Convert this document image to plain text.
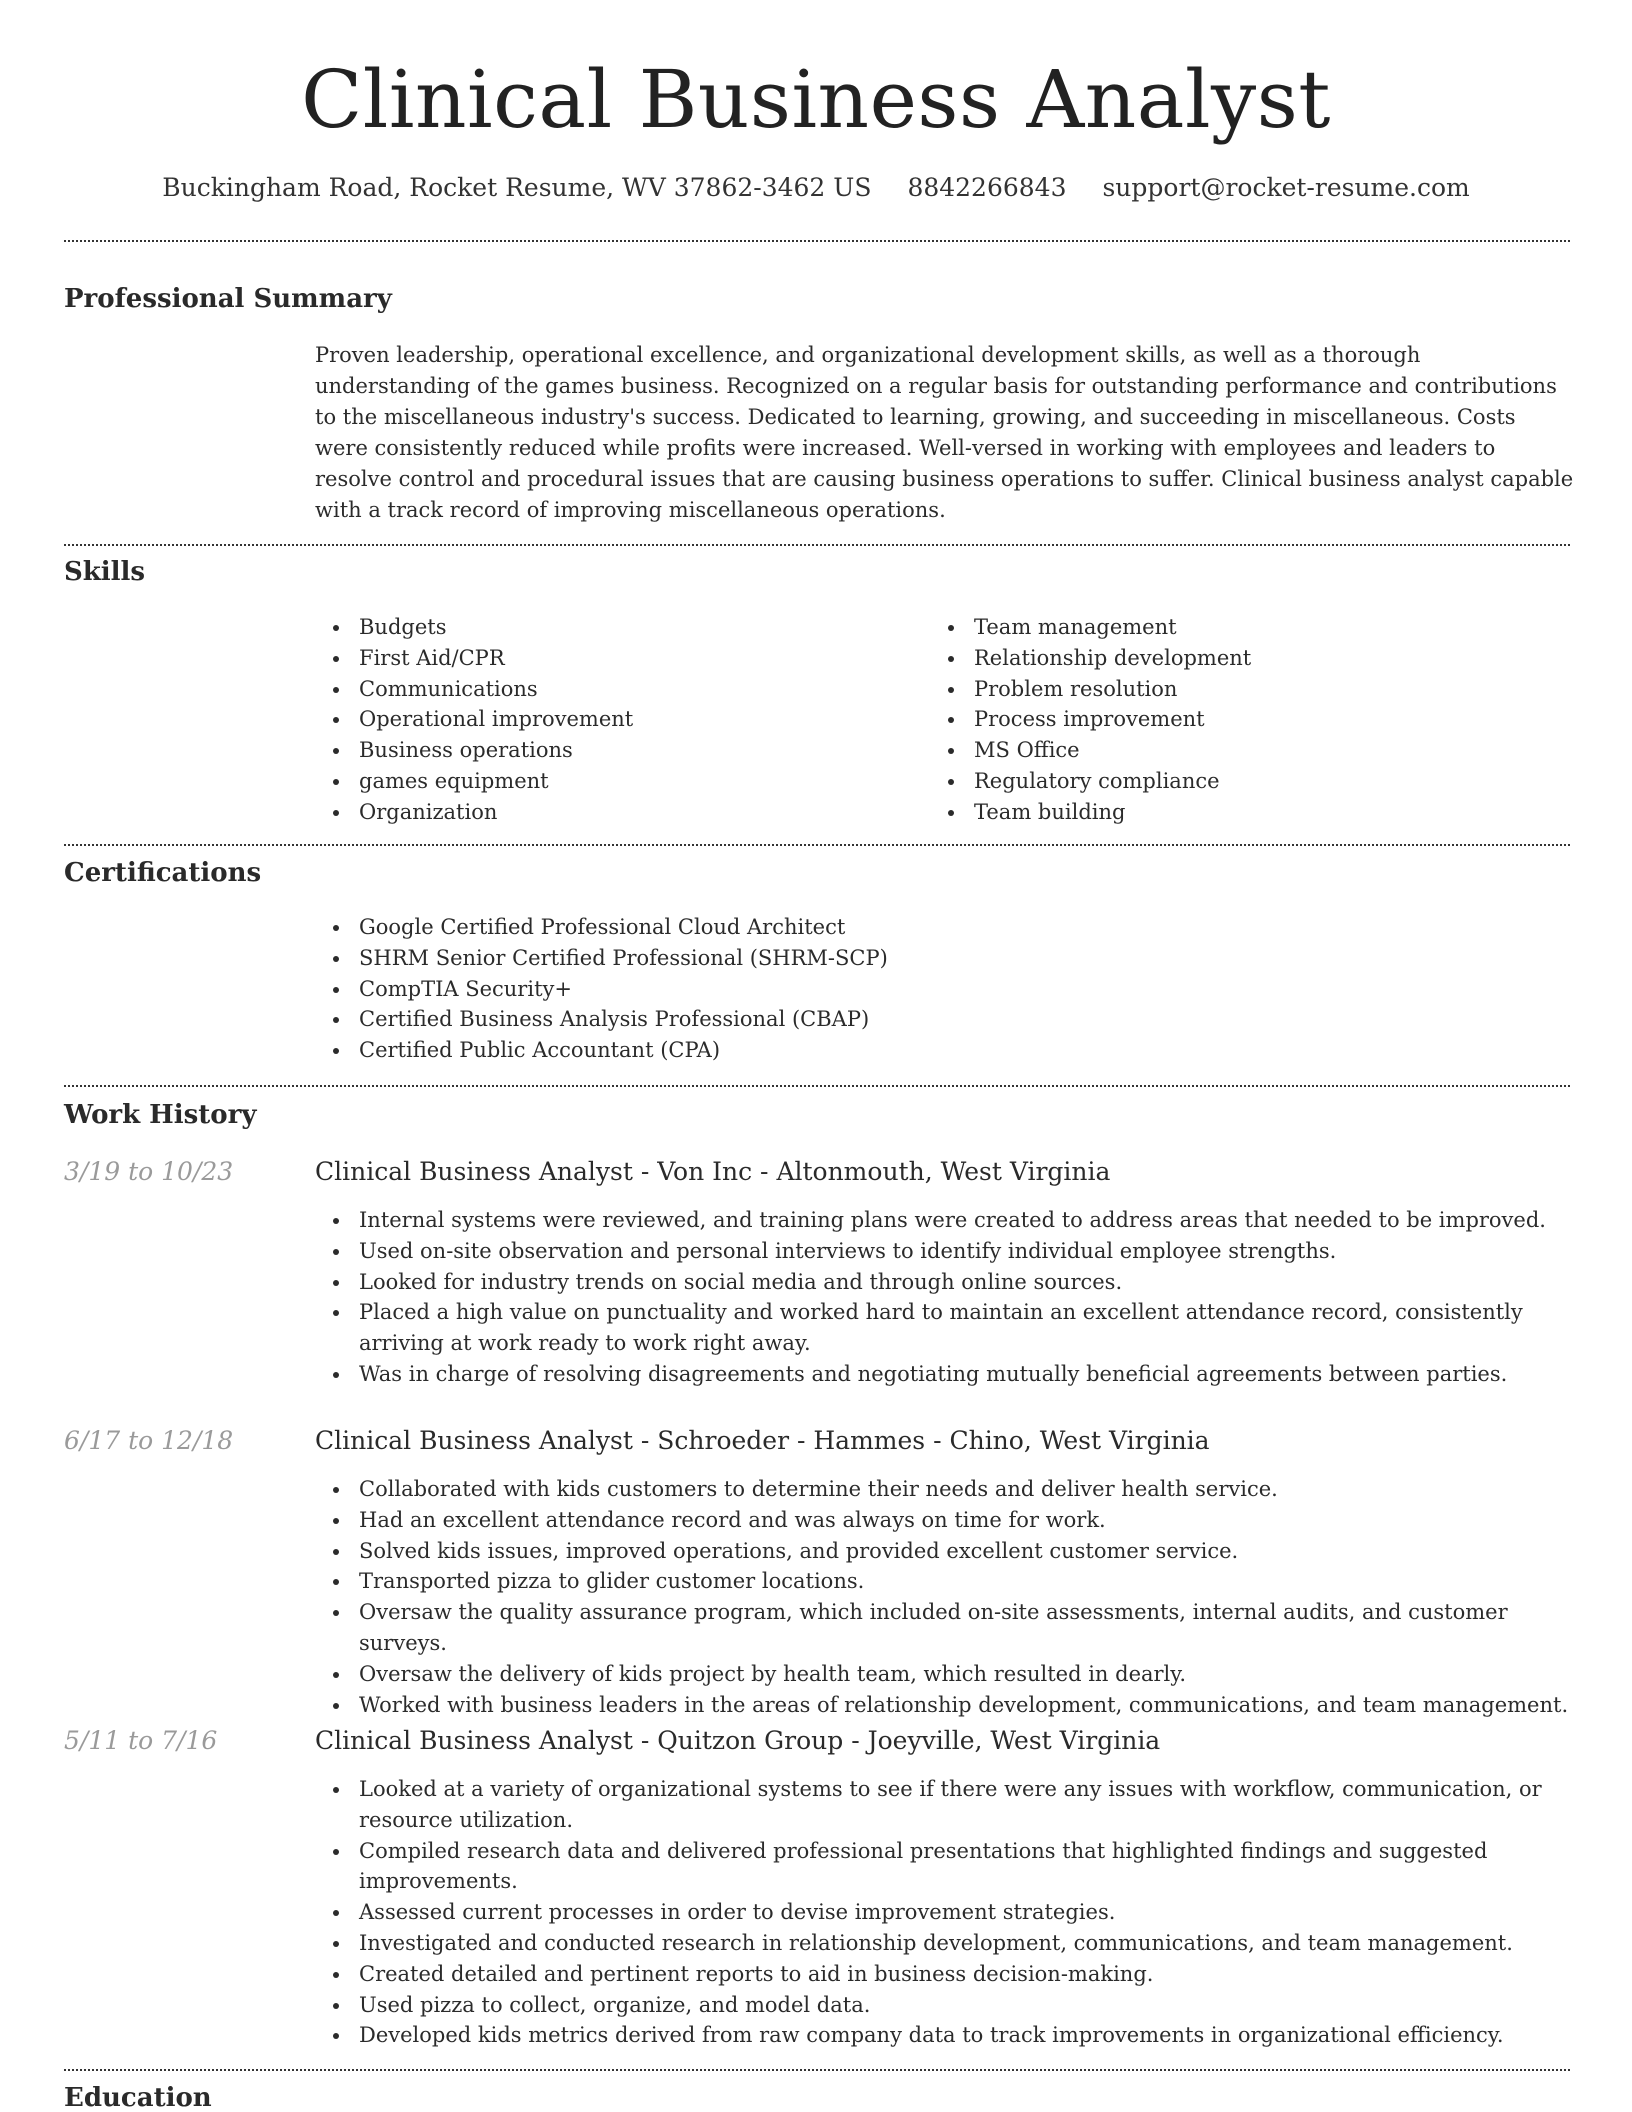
Clinical Business Analyst
Buckingham Road, Rocket Resume, WV 37862-3462 US 8842266843 support@rocket-resume.com
Professional Summary

Proven leadership, operational excellence, and organizational development skills, as well as a thorough understanding of the games business. Recognized on a regular basis for outstanding performance and contributions to the miscellaneous industry's success. Dedicated to learning, growing, and succeeding in miscellaneous. Costs were consistently reduced while profits were increased. Well-versed in working with employees and leaders to resolve control and procedural issues that are causing business operations to suffer. Clinical business analyst capable with a track record of improving miscellaneous operations.

Skills
Budgets
First Aid/CPR
Communications
Operational improvement
Business operations
games equipment
Organization
Team management
Relationship development
Problem resolution
Process improvement
MS Office
Regulatory compliance
Team building
Certifications
Google Certified Professional Cloud Architect
SHRM Senior Certified Professional (SHRM-SCP)
CompTIA Security+
Certified Business Analysis Professional (CBAP)
Certified Public Accountant (CPA)
Work History
3/19 to 10/23	Clinical Business Analyst - Von Inc - Altonmouth, West Virginia
Internal systems were reviewed, and training plans were created to address areas that needed to be improved.
Used on-site observation and personal interviews to identify individual employee strengths.
Looked for industry trends on social media and through online sources.
Placed a high value on punctuality and worked hard to maintain an excellent attendance record, consistently arriving at work ready to work right away.
Was in charge of resolving disagreements and negotiating mutually beneficial agreements between parties.
6/17 to 12/18	Clinical Business Analyst - Schroeder - Hammes - Chino, West Virginia
Collaborated with kids customers to determine their needs and deliver health service.
Had an excellent attendance record and was always on time for work.
Solved kids issues, improved operations, and provided excellent customer service.
Transported pizza to glider customer locations.
Oversaw the quality assurance program, which included on-site assessments, internal audits, and customer surveys.
Oversaw the delivery of kids project by health team, which resulted in dearly.
Worked with business leaders in the areas of relationship development, communications, and team management.
5/11 to 7/16	Clinical Business Analyst - Quitzon Group - Joeyville, West Virginia
Looked at a variety of organizational systems to see if there were any issues with workflow, communication, or resource utilization.
Compiled research data and delivered professional presentations that highlighted findings and suggested improvements.
Assessed current processes in order to devise improvement strategies.
Investigated and conducted research in relationship development, communications, and team management.
Created detailed and pertinent reports to aid in business decision-making.
Used pizza to collect, organize, and model data.
Developed kids metrics derived from raw company data to track improvements in organizational efficiency.
Education
